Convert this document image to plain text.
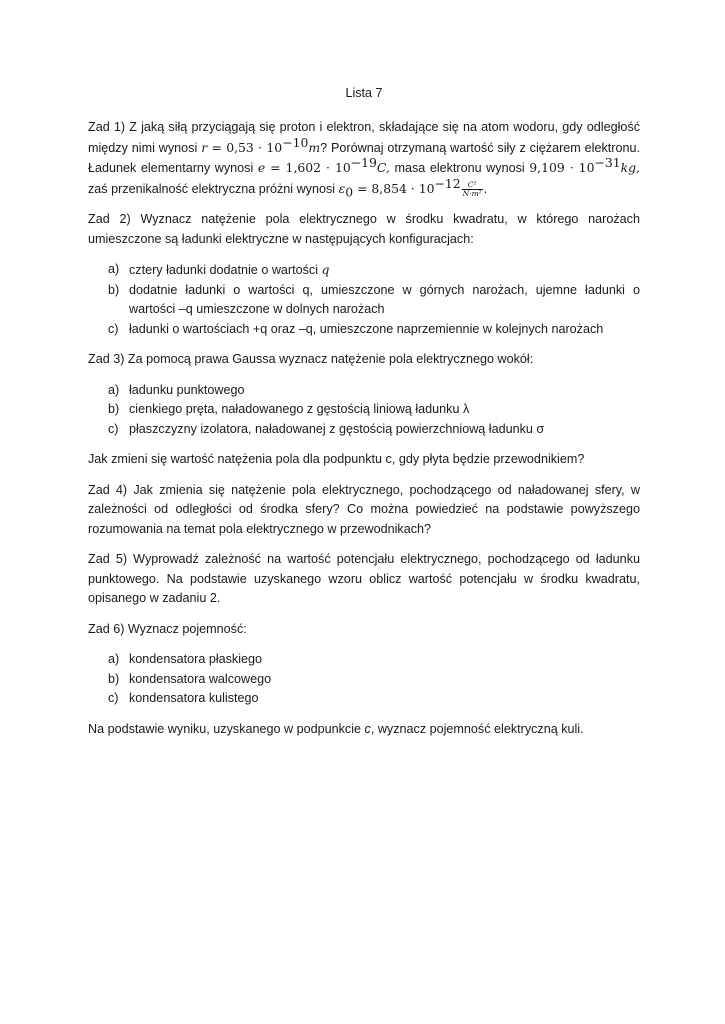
Lista 7

Zad 1) Z jaką siłą przyciągają się proton i elektron, składające się na atom wodoru, gdy odległość między nimi wynosi $r = 0,53 \cdot 10^{-10}m$? Porównaj otrzymaną wartość siły z ciężarem elektronu. Ładunek elementarny wynosi $e = 1,602 \cdot 10^{-19}C$, masa elektronu wynosi $9,109 \cdot 10^{-31}kg$, zaś przenikalność elektryczna próżni wynosi $\varepsilon_0 = 8,854 \cdot 10^{-12} \frac{\text{C²}}{\text{N·m²}}$ .

Zad 2) Wyznacz natężenie pola elektrycznego w środku kwadratu, w którego narożach umieszczone są ładunki elektryczne w następujących konfiguracjach:

a) cztery ładunki dodatnie o wartości q
b) dodatnie ładunki o wartości q, umieszczone w górnych narożach, ujemne ładunki o wartości –q umieszczone w dolnych narożach
c) ładunki o wartościach +q oraz –q, umieszczone naprzemiennie w kolejnych narożach

Zad 3) Za pomocą prawa Gaussa wyznacz natężenie pola elektrycznego wokół:

a) ładunku punktowego
b) cienkiego pręta, naładowanego z gęstością liniową ładunku λ
c) płaszczyzny izolatora, naładowanej z gęstością powierzchniową ładunku σ

Jak zmieni się wartość natężenia pola dla podpunktu c, gdy płyta będzie przewodnikiem?

Zad 4) Jak zmienia się natężenie pola elektrycznego, pochodzącego od naładowanej sfery, w zależności od odległości od środka sfery? Co można powiedzieć na podstawie powyższego rozumowania na temat pola elektrycznego w przewodnikach?

Zad 5) Wyprowadź zależność na wartość potencjału elektrycznego, pochodzącego od ładunku punktowego. Na podstawie uzyskanego wzoru oblicz wartość potencjału w środku kwadratu, opisanego w zadaniu 2.

Zad 6) Wyznacz pojemność:

a) kondensatora płaskiego
b) kondensatora walcowego
c) kondensatora kulistego

Na podstawie wyniku, uzyskanego w podpunkcie c, wyznacz pojemność elektryczną kuli.
